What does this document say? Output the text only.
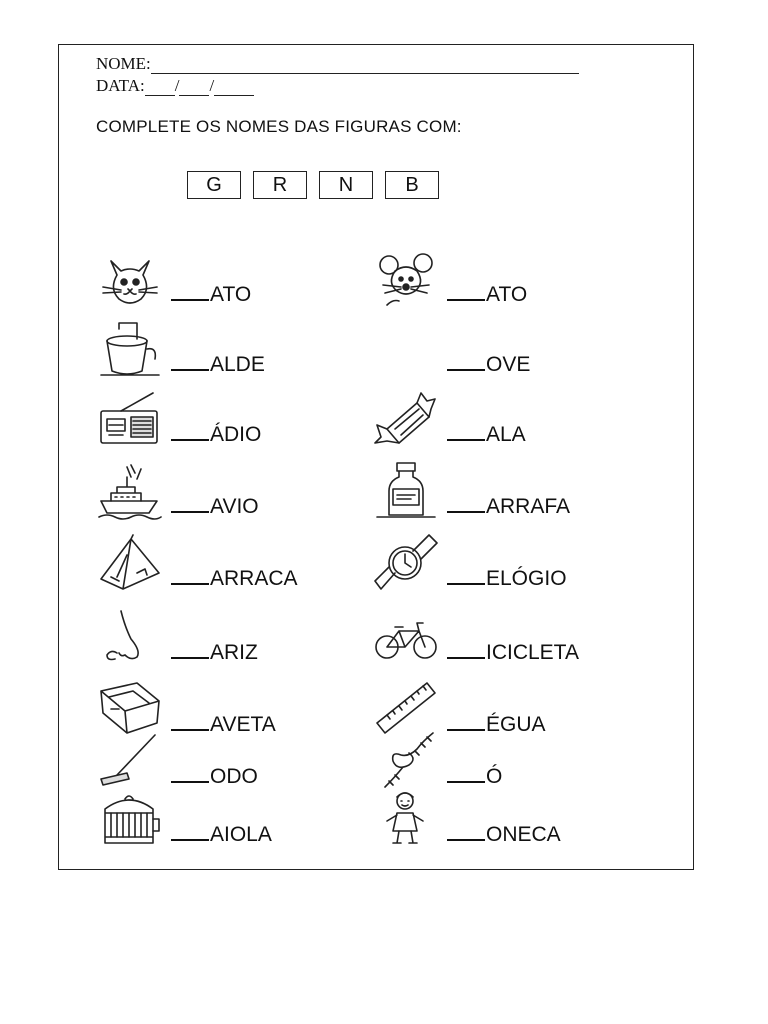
NOME:
DATA: / /
COMPLETE OS NOMES DAS FIGURAS COM:
G	R	N	B
ATO	ATO
ALDE 9	OVE
ÁDIO	ALA
AVIO	ARRAFA
ARRACA	ELÓGIO
ARIZ	ICICLETA
AVETA	ÉGUA
ODO	Ó
AIOLA	ONECA
